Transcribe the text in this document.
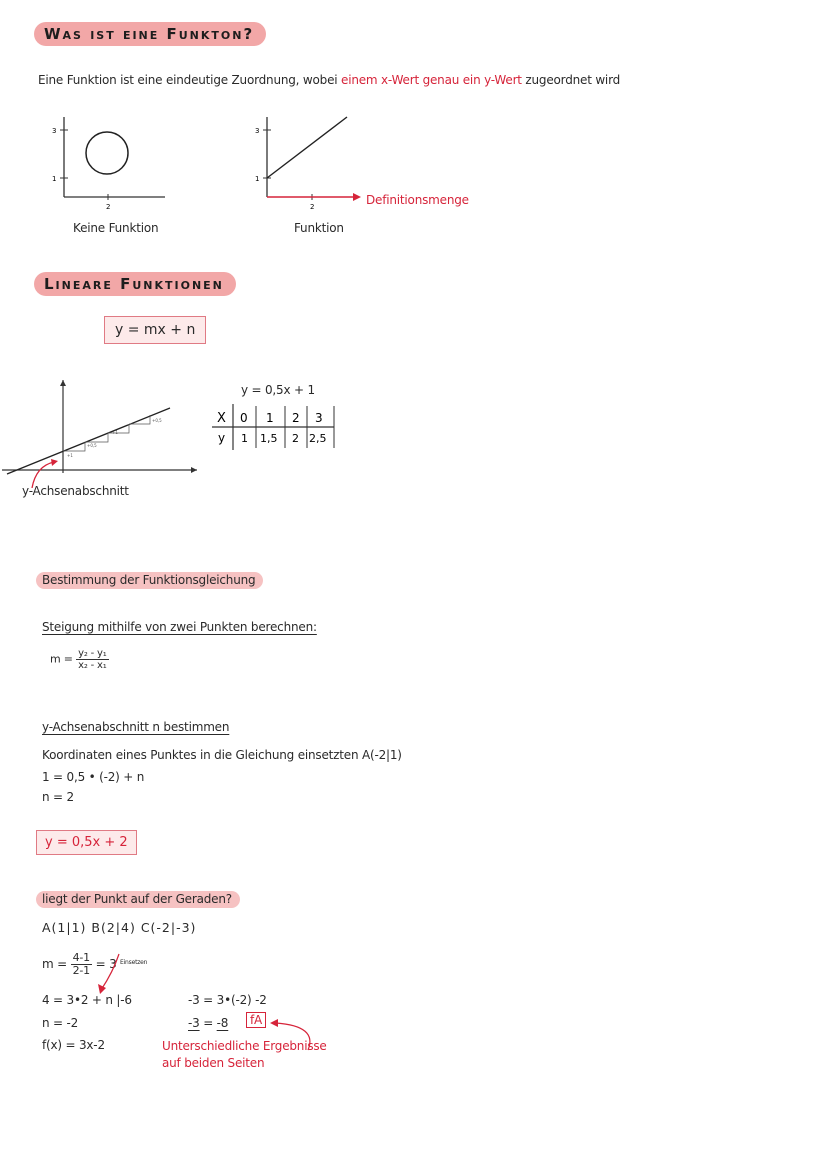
Was ist eine Funkton?
Eine Funktion ist eine eindeutige Zuordnung, wobei einem x-Wert genau ein y-Wert zugeordnet wird
3
1
2
Keine Funktion
3
1
2	Definitionsmenge
Funktion
Lineare Funktionen
y = mx + n
+1
+0,5
+1
+0,5
y-Achsenabschnitt
y = 0,5x + 1
X
y
0 1 2 3
1 1,5 2 2,5
Bestimmung der Funktionsgleichung
Steigung mithilfe von zwei Punkten berechnen:
$m = \frac{\text{y₂ - y₁}}{\text{x₂ - x₁}}$
y-Achsenabschnitt n bestimmen
Koordinaten eines Punktes in die Gleichung einsetzten A(-2|1)
1 = 0,5 • (-2) + n
n = 2
y = 0,5x + 2
liegt der Punkt auf der Geraden?
A(1|1) B(2|4) C(-2|-3)
$m = \frac{4-1}{2-1} = 3$ Einsetzen
4 = 3•2 + n |-6
n = -2
f(x) = 3x-2
-3 = 3•(-2) -2
-3 = -8	fA
Unterschiedliche Ergebnisse
auf beiden Seiten
